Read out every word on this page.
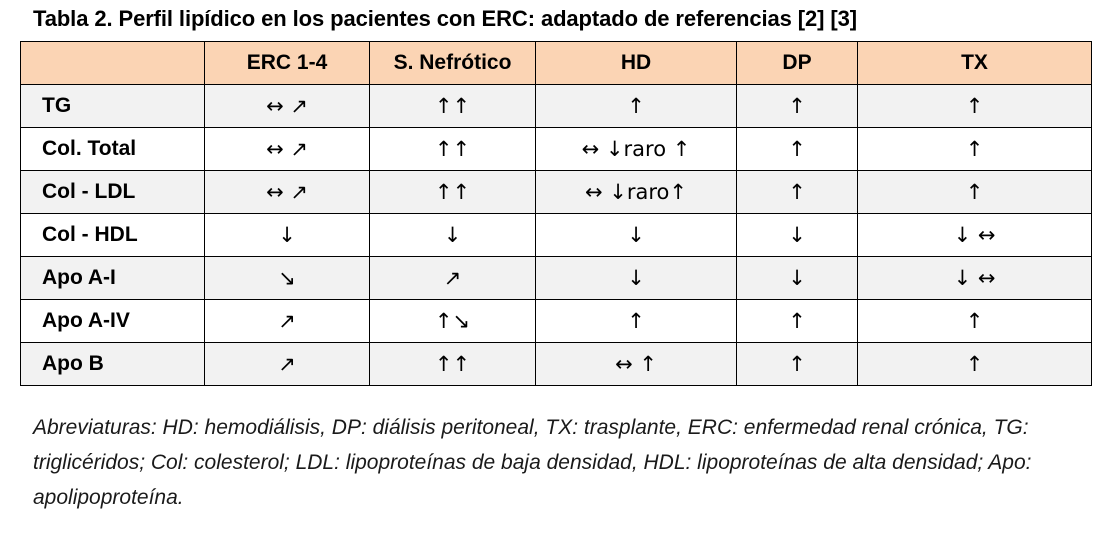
Tabla 2. Perfil lipídico en los pacientes con ERC: adaptado de referencias [2] [3]
	ERC 1-4	S. Nefrótico	HD	DP	TX
TG	↔ ↗	↑↑	↑	↑	↑
Col. Total	↔ ↗	↑↑	↔ ↓raro ↑	↑	↑
Col - LDL	↔ ↗	↑↑	↔ ↓raro↑	↑	↑
Col - HDL	↓	↓	↓	↓	↓ ↔
Apo A-I	↘	↗	↓	↓	↓ ↔
Apo A-IV	↗	↑↘	↑	↑	↑
Apo B	↗	↑↑	↔ ↑	↑	↑
Abreviaturas: HD: hemodiálisis, DP: diálisis peritoneal, TX: trasplante, ERC: enfermedad renal crónica, TG: triglicéridos; Col: colesterol; LDL: lipoproteínas de baja densidad, HDL: lipoproteínas de alta densidad; Apo: apolipoproteína.
